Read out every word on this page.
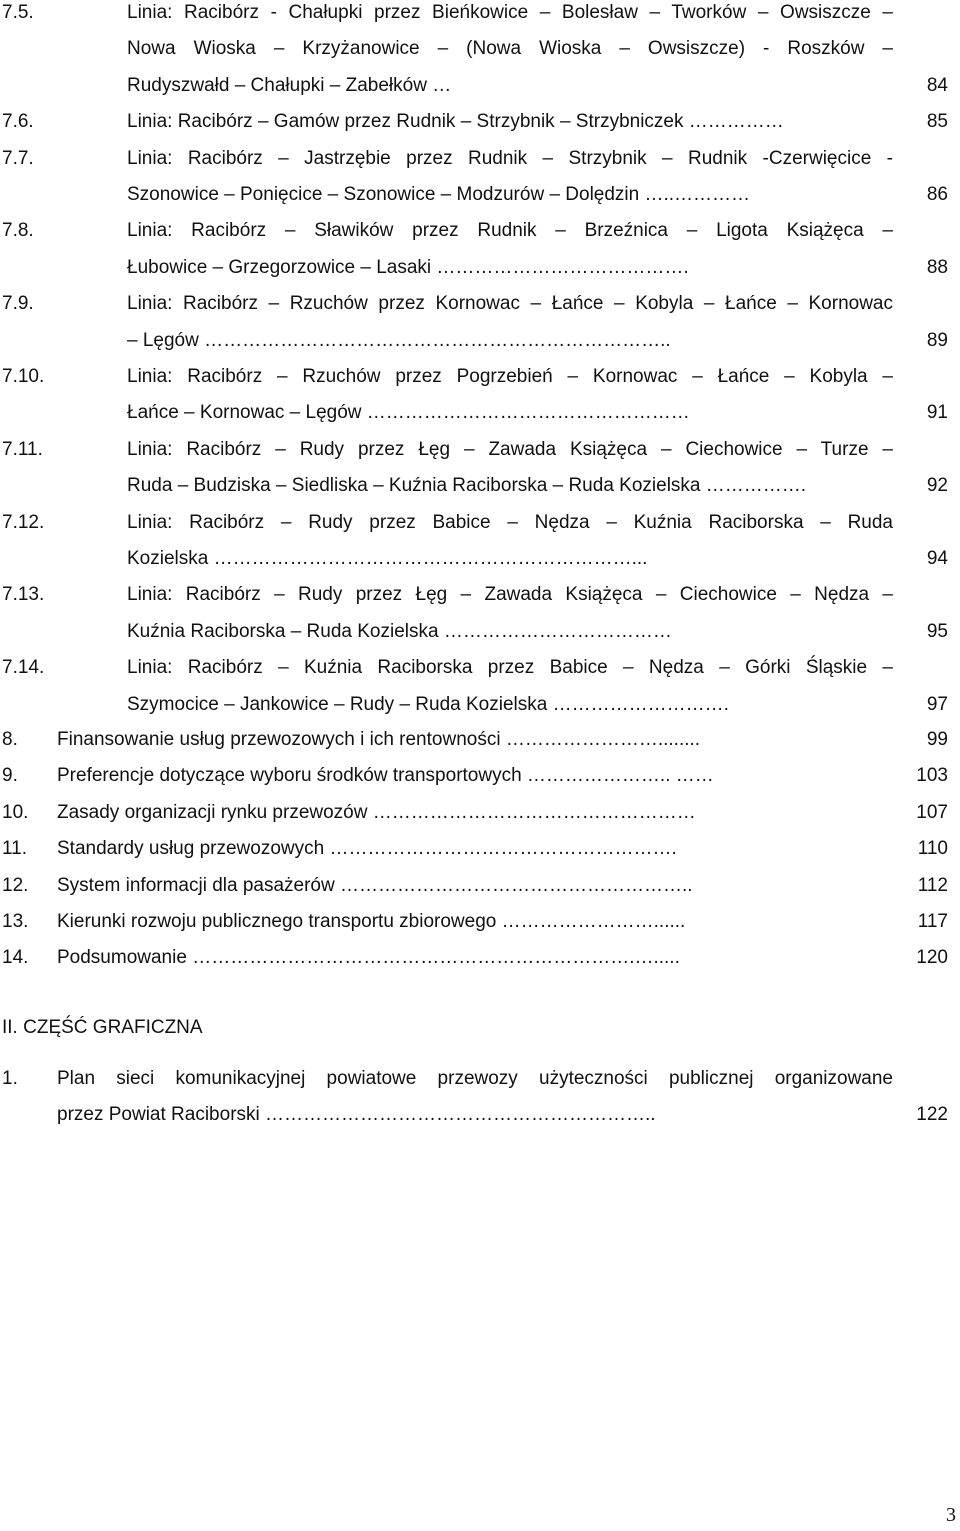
7.5.	Linia: Racibórz - Chałupki przez Bieńkowice – Bolesław – Tworków – Owsiszcze –
Nowa Wioska – Krzyżanowice – (Nowa Wioska – Owsiszcze) - Roszków –
Rudyszwałd – Chałupki – Zabełków …	84
7.6.	Linia: Racibórz – Gamów przez Rudnik – Strzybnik – Strzybniczek ……………	85
7.7.	Linia: Racibórz – Jastrzębie przez Rudnik – Strzybnik – Rudnik -Czerwięcice -
Szonowice – Ponięcice – Szonowice – Modzurów – Dolędzin …..…………	86
7.8.	Linia: Racibórz – Sławików przez Rudnik – Brzeźnica – Ligota Książęca –
Łubowice – Grzegorzowice – Lasaki ………………………………….	88
7.9.	Linia: Racibórz – Rzuchów przez Kornowac – Łańce – Kobyla – Łańce – Kornowac
– Lęgów ………………………………………………………………..	89
7.10.	Linia: Racibórz – Rzuchów przez Pogrzebień – Kornowac – Łańce – Kobyla –
Łańce – Kornowac – Lęgów ……………………………………………	91
7.11.	Linia: Racibórz – Rudy przez Łęg – Zawada Książęca – Ciechowice – Turze –
Ruda – Budziska – Siedliska – Kuźnia Raciborska – Ruda Kozielska …………….	92
7.12.	Linia: Racibórz – Rudy przez Babice – Nędza – Kuźnia Raciborska – Ruda
Kozielska …………………………………………………………...	94
7.13.	Linia: Racibórz – Rudy przez Łęg – Zawada Książęca – Ciechowice – Nędza –
Kuźnia Raciborska – Ruda Kozielska ………………………………	95
7.14.	Linia: Racibórz – Kuźnia Raciborska przez Babice – Nędza – Górki Śląskie –
Szymocice – Jankowice – Rudy – Ruda Kozielska ……………………….	97
8. Finansowanie usług przewozowych i ich rentowności ……………………........	99
9. Preferencje dotyczące wyboru środków transportowych ………………….. ……	103
10. Zasady organizacji rynku przewozów ……………………………………………	107
11. Standardy usług przewozowych ……………………………………………….	110
12. System informacji dla pasażerów ………………………………………………..	112
13. Kierunki rozwoju publicznego transportu zbiorowego ……………………......	117
14. Podsumowanie …………………………………………………………….….....	120
II. CZĘŚĆ GRAFICZNA
1. Plan sieci komunikacyjnej powiatowe przewozy użyteczności publicznej organizowane
przez Powiat Raciborski ……………………………………………………..	122
3
